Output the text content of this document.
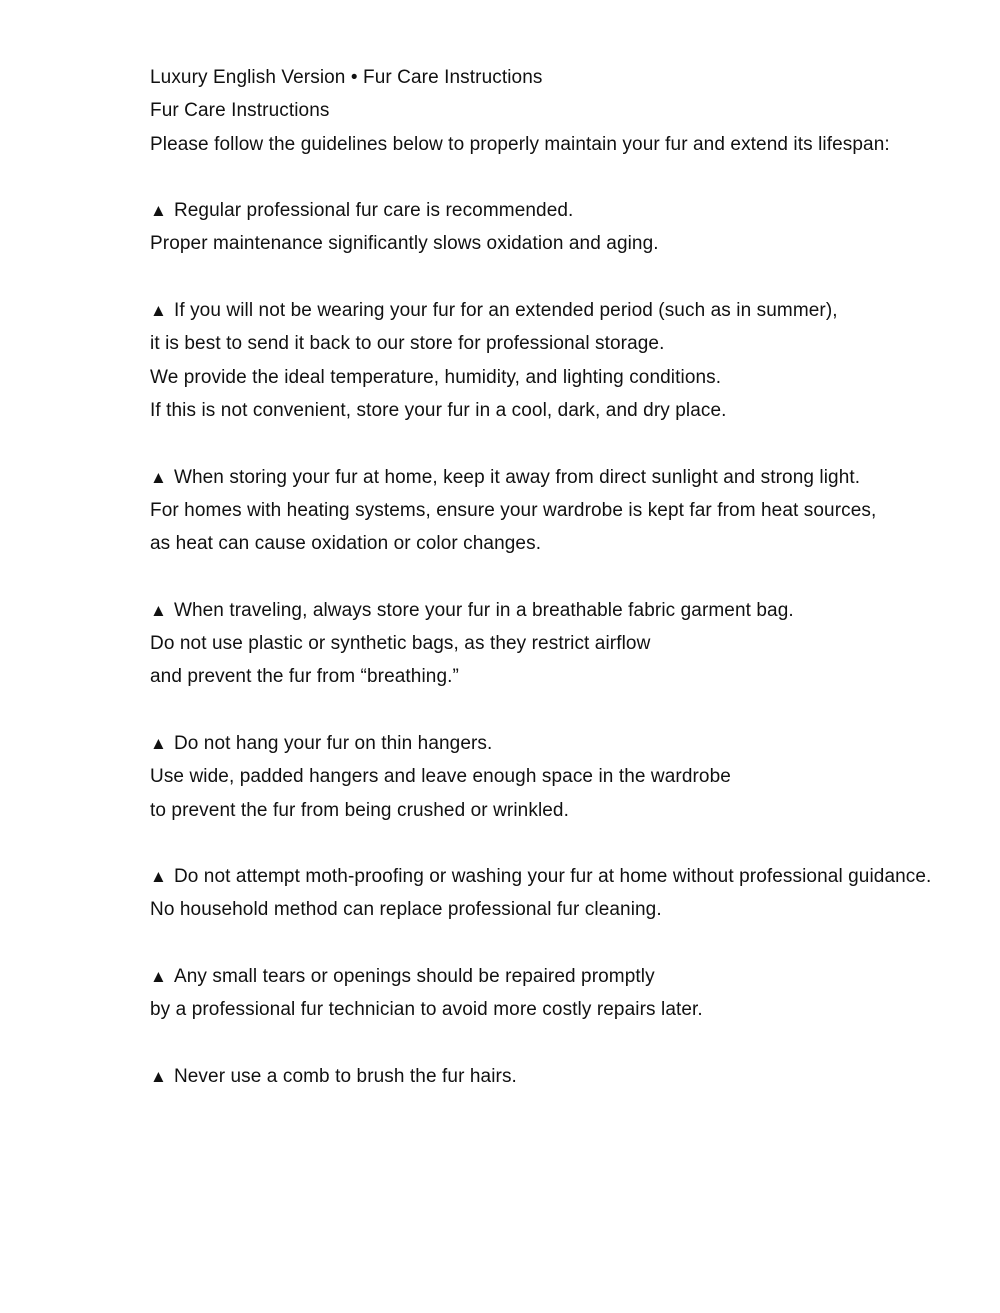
Luxury English Version • Fur Care Instructions

Fur Care Instructions

Please follow the guidelines below to properly maintain your fur and extend its lifespan:

▲ Regular professional fur care is recommended.

Proper maintenance significantly slows oxidation and aging.

▲ If you will not be wearing your fur for an extended period (such as in summer),

it is best to send it back to our store for professional storage.

We provide the ideal temperature, humidity, and lighting conditions.

If this is not convenient, store your fur in a cool, dark, and dry place.

▲ When storing your fur at home, keep it away from direct sunlight and strong light.

For homes with heating systems, ensure your wardrobe is kept far from heat sources,

as heat can cause oxidation or color changes.

▲ When traveling, always store your fur in a breathable fabric garment bag.

Do not use plastic or synthetic bags, as they restrict airflow

and prevent the fur from “breathing.”

▲ Do not hang your fur on thin hangers.

Use wide, padded hangers and leave enough space in the wardrobe

to prevent the fur from being crushed or wrinkled.

▲ Do not attempt moth-proofing or washing your fur at home without professional guidance.

No household method can replace professional fur cleaning.

▲ Any small tears or openings should be repaired promptly

by a professional fur technician to avoid more costly repairs later.

▲ Never use a comb to brush the fur hairs.
